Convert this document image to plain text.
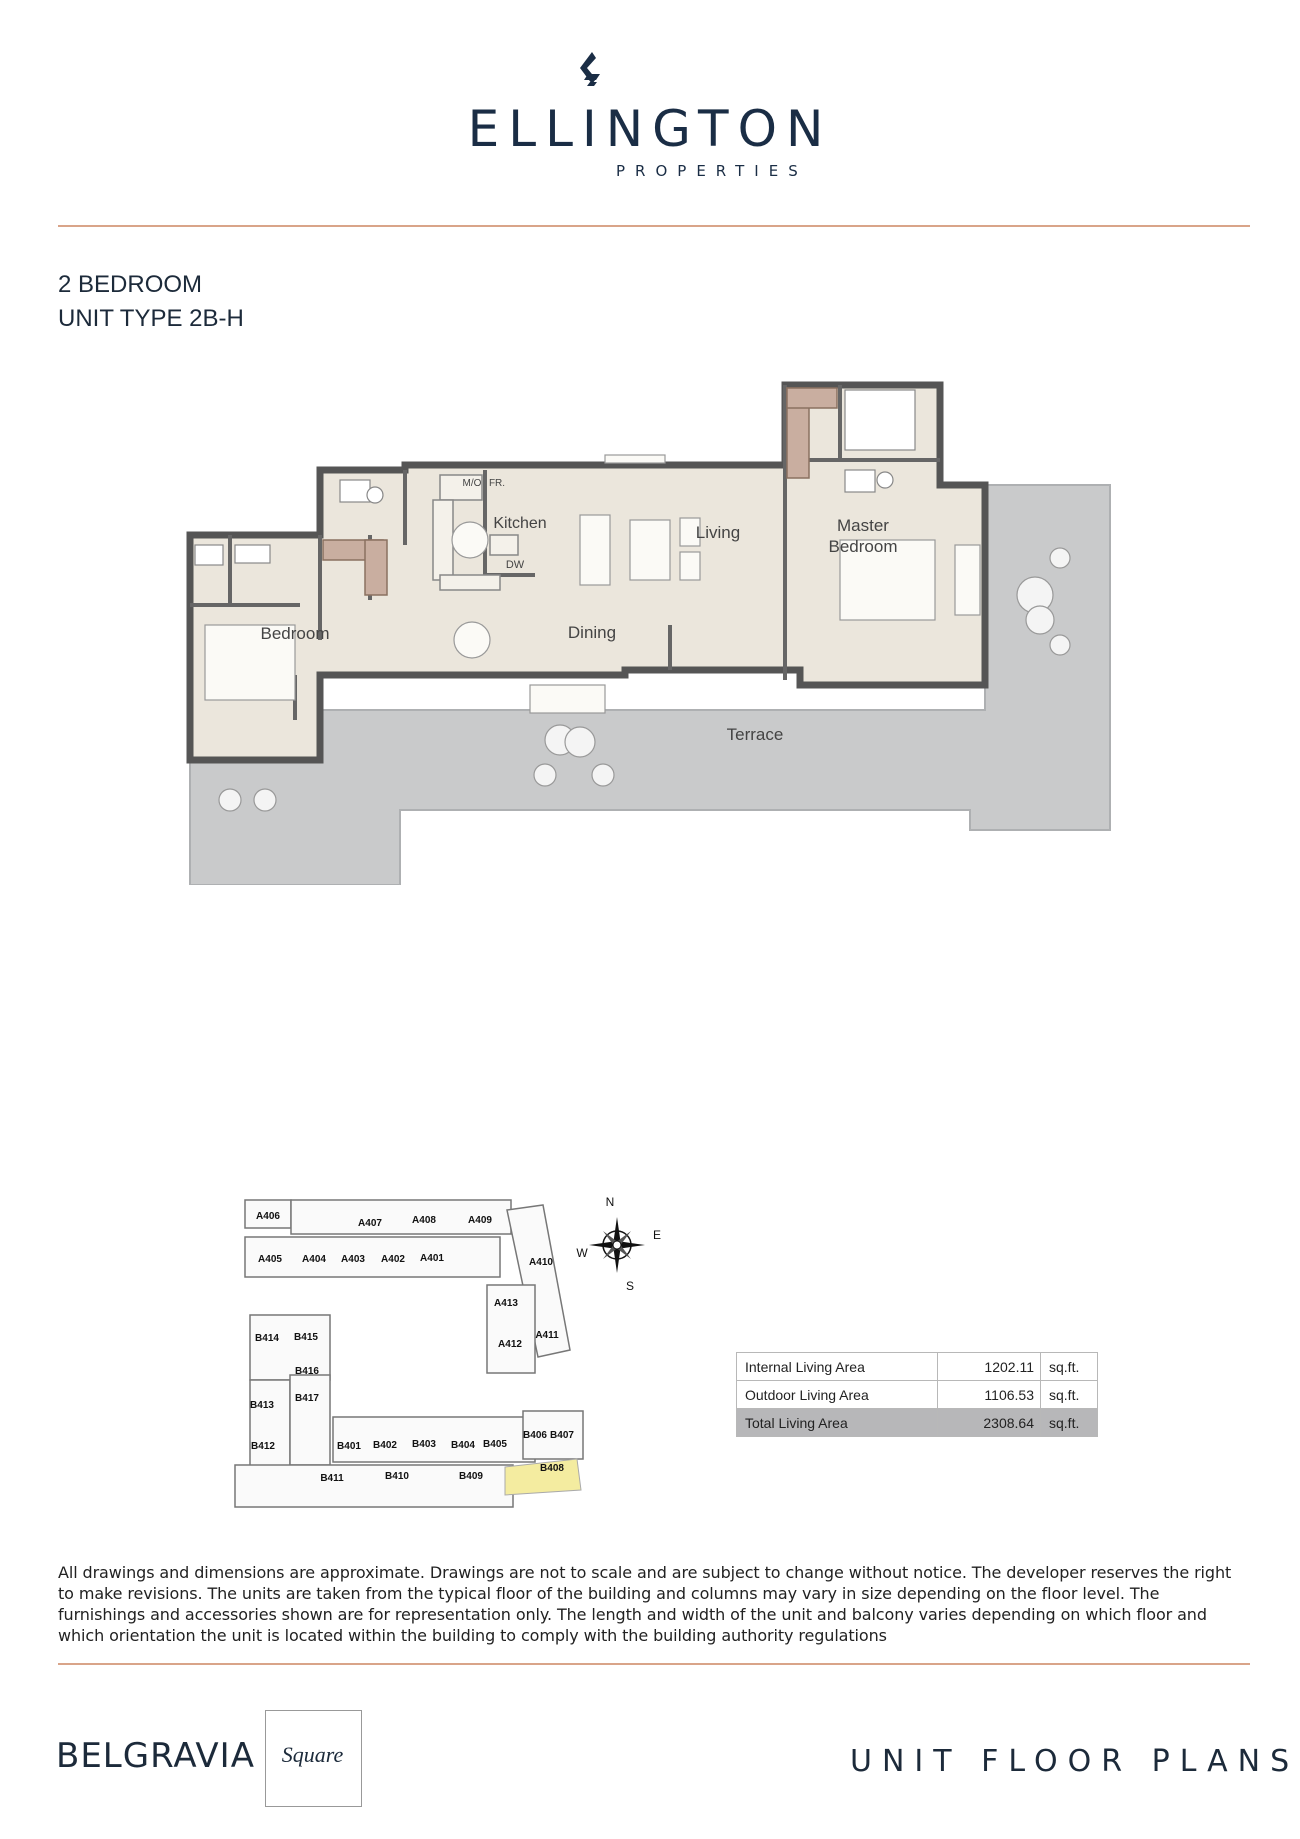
ELLINGTON
PROPERTIES
2 BEDROOM
UNIT TYPE 2B-H
Kitchen
M/O FR.
DW
Living	Master
Bedroom
Bedroom	Dining
Terrace
A406
A407	A408	A409
A405 A404 A403 A402 A401	A410
A413
A412
A411
B414 B415
B416
B417
B413
B412	B401 B402 B403 B404 B405
B406 B407
B411	B410	B409
B408
N
E
S
W
Internal Living Area	1202.11	sq.ft.
Outdoor Living Area	1106.53	sq.ft.
Total Living Area	2308.64	sq.ft.
All drawings and dimensions are approximate. Drawings are not to scale and are subject to change without notice. The developer reserves the right to make revisions. The units are taken from the typical floor of the building and columns may vary in size depending on the floor level. The furnishings and accessories shown are for representation only. The length and width of the unit and balcony varies depending on which floor and which orientation the unit is located within the building to comply with the building authority regulations
BELGRAVIA	Square	UNIT FLOOR PLANS
